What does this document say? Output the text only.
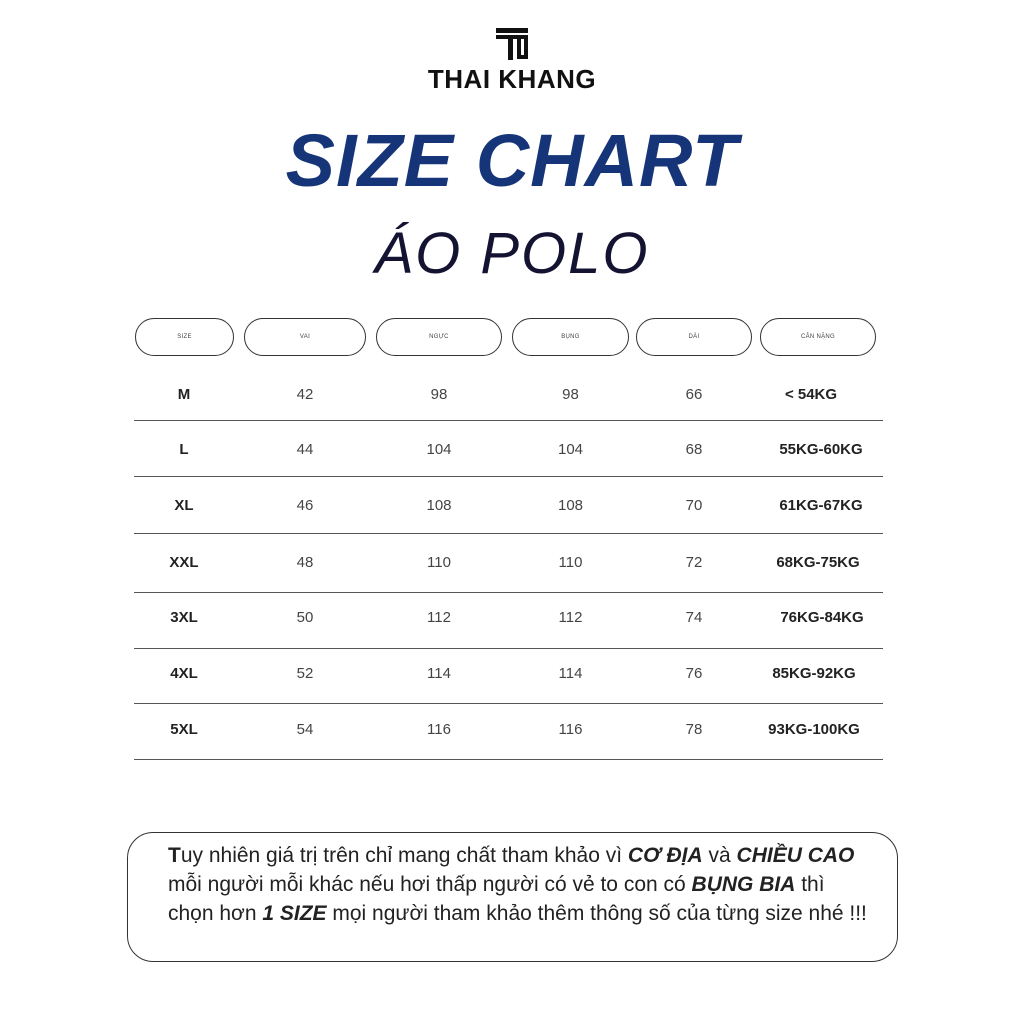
THAI KHANG
SIZE CHART
ÁO POLO
SIZE	VAI	NGỰC	BỤNG	DÀI	CÂN NẶNG
M	42	98	98	66	< 54KG
L	44	104	104	68	55KG-60KG
XL	46	108	108	70	61KG-67KG
XXL	48	110	110	72	68KG-75KG
3XL	50	112	112	74	76KG-84KG
4XL	52	114	114	76	85KG-92KG
5XL	54	116	116	78	93KG-100KG
Tuy nhiên giá trị trên chỉ mang chất tham khảo vì CƠ ĐỊA và CHIỀU CAO mỗi người mỗi khác nếu hơi thấp người có vẻ to con có BỤNG BIA thì chọn hơn 1 SIZE mọi người tham khảo thêm thông số của từng size nhé !!!
